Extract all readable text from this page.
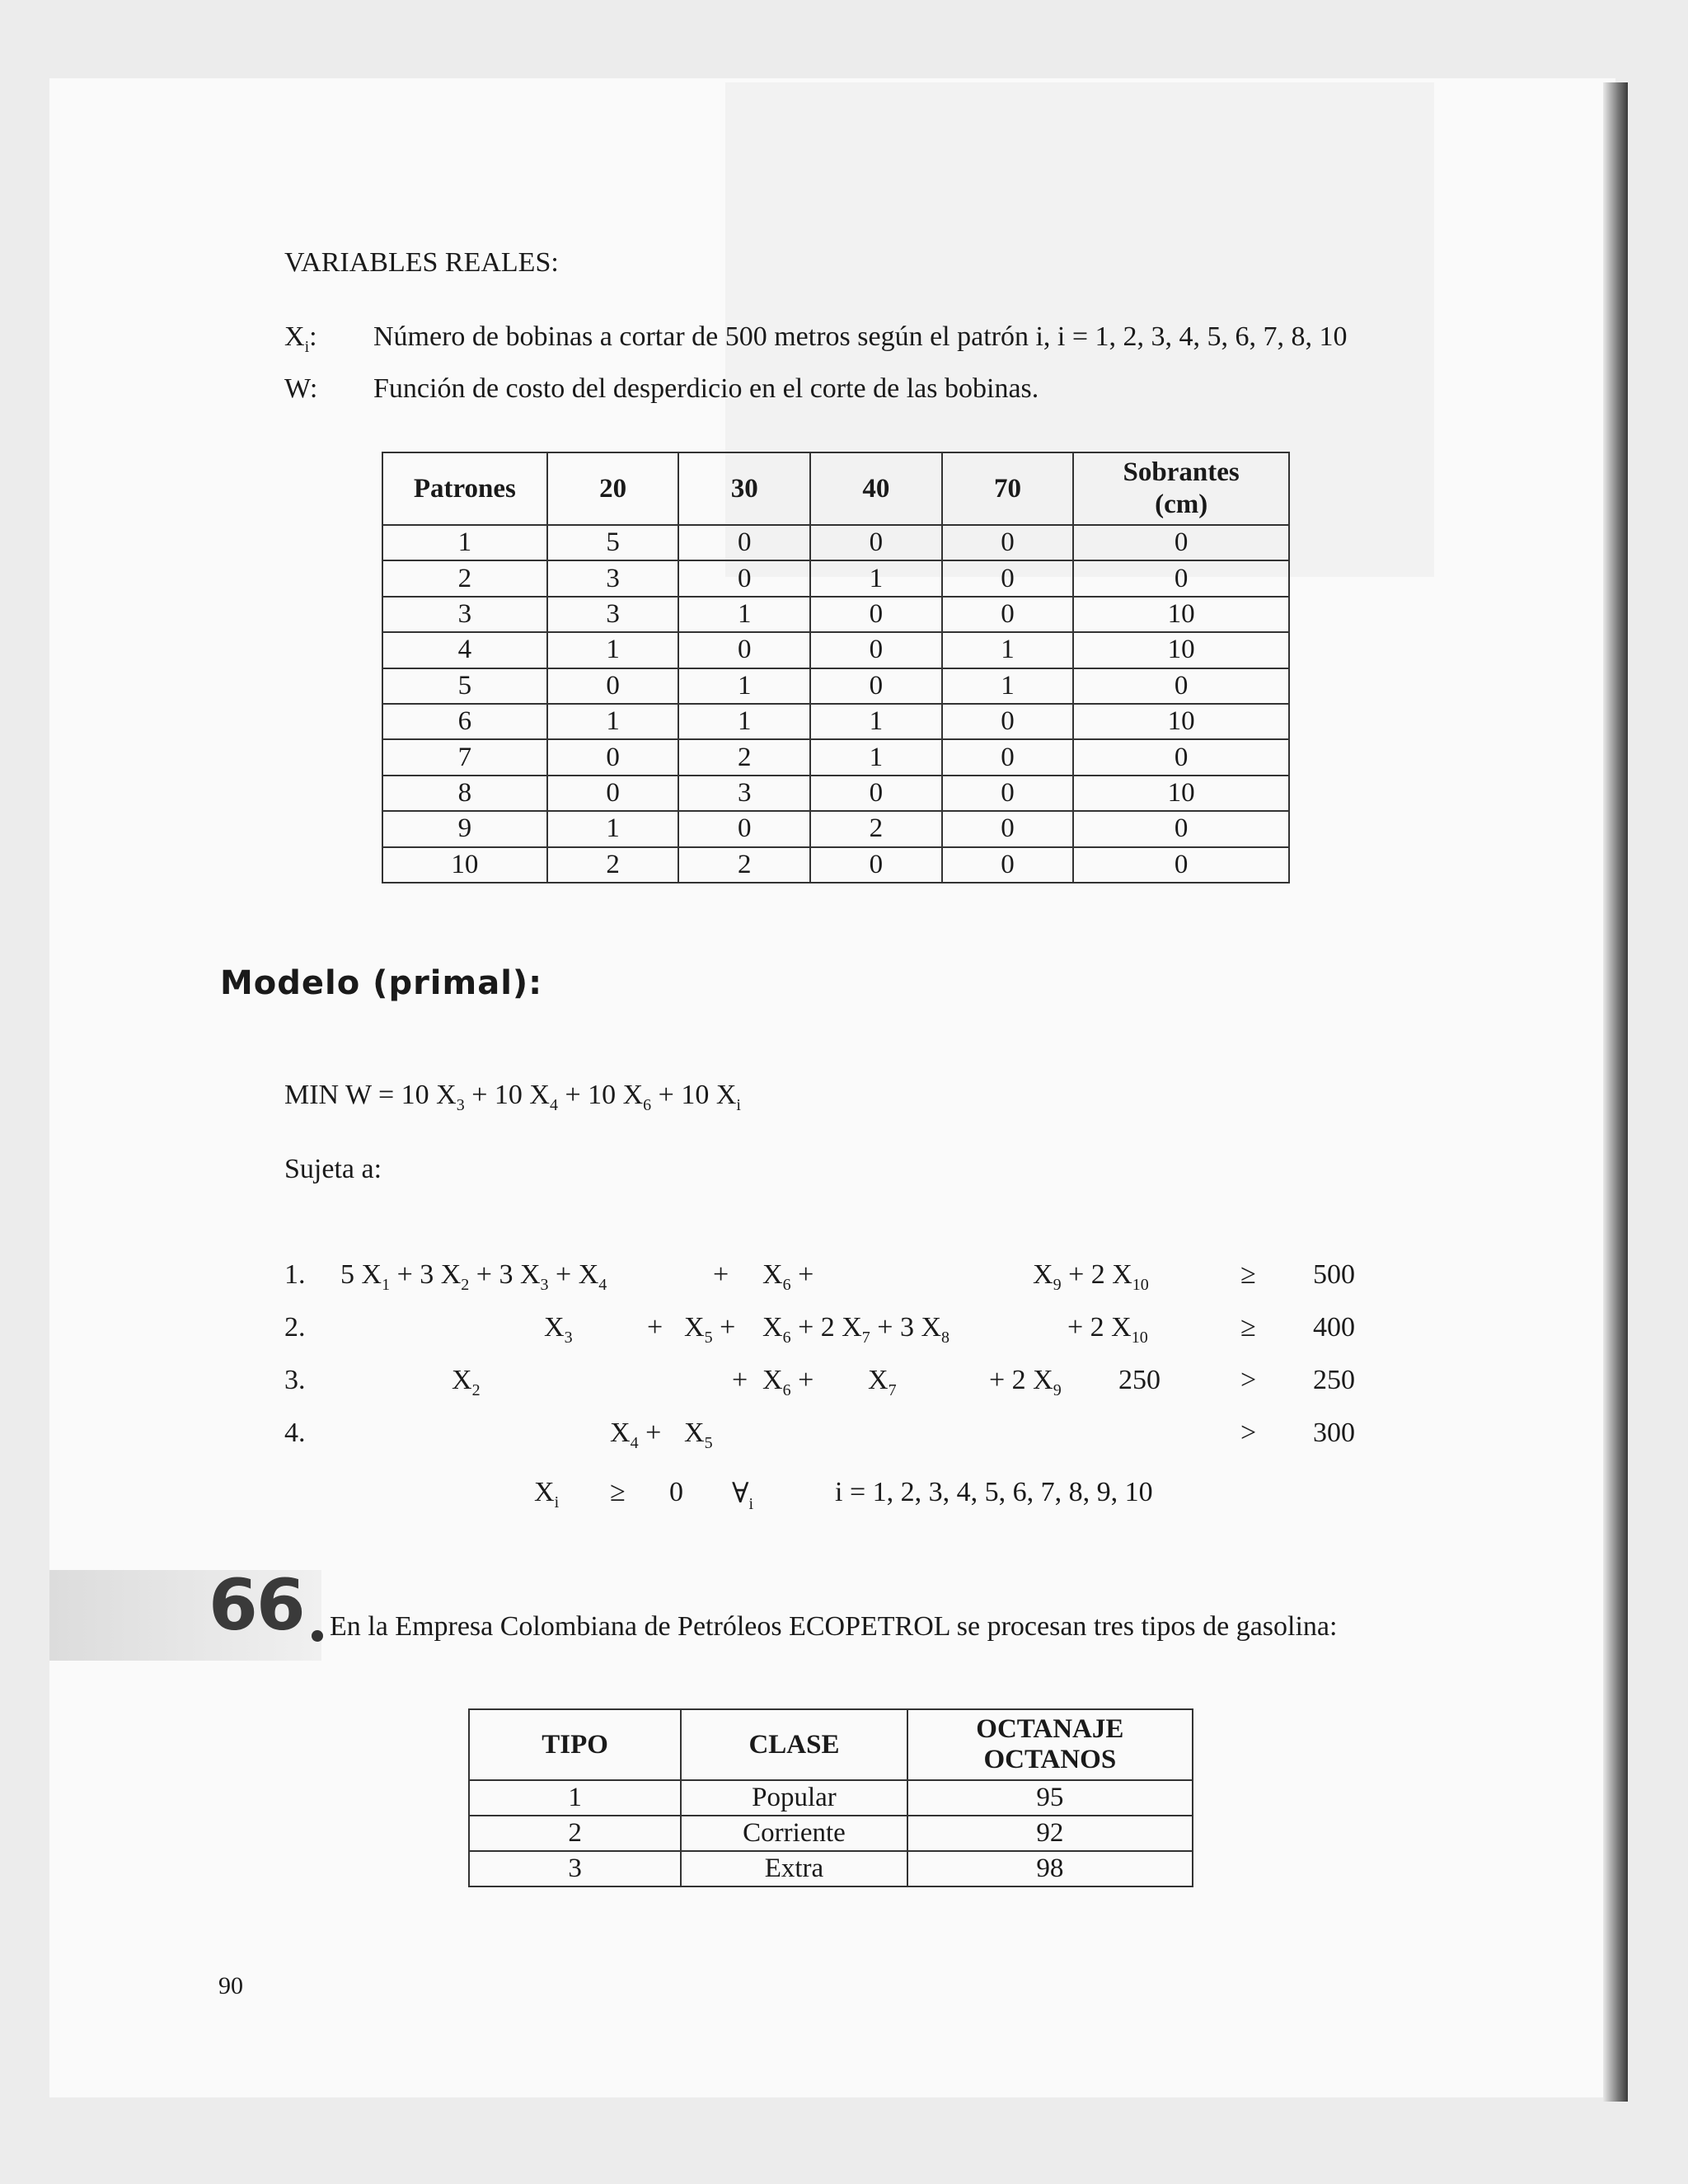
VARIABLES REALES:
$X_i$: Número de bobinas a cortar de 500 metros según el patrón i, i = 1, 2, 3, 4, 5, 6, 7, 8, 10
W: Función de costo del desperdicio en el corte de las bobinas.
Patrones	20	30	40	70	Sobrantes
(cm)

1	5	0	0	0	0
2	3	0	1	0	0
3	3	1	0	0	10
4	1	0	0	1	10
5	0	1	0	1	0
6	1	1	1	0	10
7	0	2	1	0	0
8	0	3	0	0	10
9	1	0	2	0	0
10	2	2	0	0	0
Modelo (primal):
MIN W = 10 $X_3 + 10$ $X_4 + 10$ $X_6 + 10$ $X_i$
Sujeta a:
1. 5 $X_1 + 3$ $X_2 + 3$ $X_3 + X_4$	+ $X_6$ +	$X_9 + 2$ $X_{10}$	≥ 500
2.	$X_3$	+ $X_5 + X_6 + 2$ $X_7 + 3$ $X_8$	+ 2 $X_{10}$	≥ 400
3.	$X_2$	+ $X_6 + X_7$	+ 2 $X_9$ 250	> 250
4.	$X_4 + X_5$	> 300
$X_i \ge 0$ $\forall_i$	i = 1, 2, 3, 4, 5, 6, 7, 8, 9, 10
66 En la Empresa Colombiana de Petróleos ECOPETROL se procesan tres tipos de gasolina:
TIPO	CLASE	OCTANAJE
OCTANOS

1	Popular	95
2	Corriente	92
3	Extra	98
90
